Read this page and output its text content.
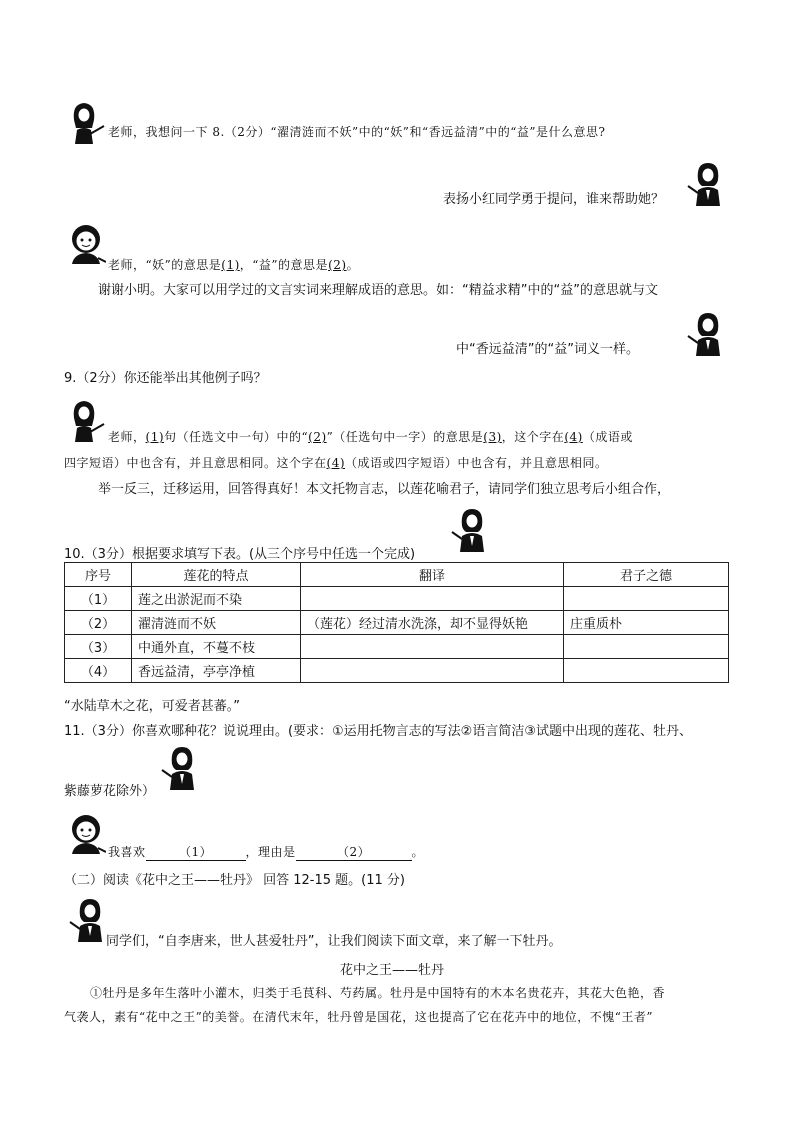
老师，我想问一下 8.（2分）“濯清涟而不妖”中的“妖”和“香远益清”中的“益”是什么意思?
表扬小红同学勇于提问，谁来帮助她？
老师，“妖”的意思是(1)，“益”的意思是(2)。
谢谢小明。大家可以用学过的文言实词来理解成语的意思。如：“精益求精”中的“益”的意思就与文
中“香远益清”的“益”词义一样。
9.（2分）你还能举出其他例子吗？
老师，(1)句（任选文中一句）中的“(2)”（任选句中一字）的意思是(3)，这个字在(4)（成语或
四字短语）中也含有，并且意思相同。这个字在(4)（成语或四字短语）中也含有，并且意思相同。
举一反三，迁移运用，回答得真好！本文托物言志，以莲花喻君子，请同学们独立思考后小组合作，
10.（3分）根据要求填写下表。(从三个序号中任选一个完成)
序号	莲花的特点	翻译	君子之德
（1）	莲之出淤泥而不染		
（2）	濯清涟而不妖	（莲花）经过清水洗涤，却不显得妖艳	庄重质朴
（3）	中通外直，不蔓不枝		
（4）	香远益清，亭亭净植		
“水陆草木之花，可爱者甚蕃。”
11.（3分）你喜欢哪种花？说说理由。(要求：①运用托物言志的写法②语言简洁③试题中出现的莲花、牡丹、
紫藤萝花除外）
我喜欢	（1）	，理由是	（2）	。
（二）阅读《花中之王——牡丹》 回答 12-15 题。(11 分)
同学们，“自李唐来，世人甚爱牡丹”，让我们阅读下面文章，来了解一下牡丹。
花中之王——牡丹
①牡丹是多年生落叶小灌木，归类于毛茛科、芍药属。牡丹是中国特有的木本名贵花卉，其花大色艳，香
气袭人，素有“花中之王”的美誉。在清代末年，牡丹曾是国花，这也提高了它在花卉中的地位，不愧“王者”
